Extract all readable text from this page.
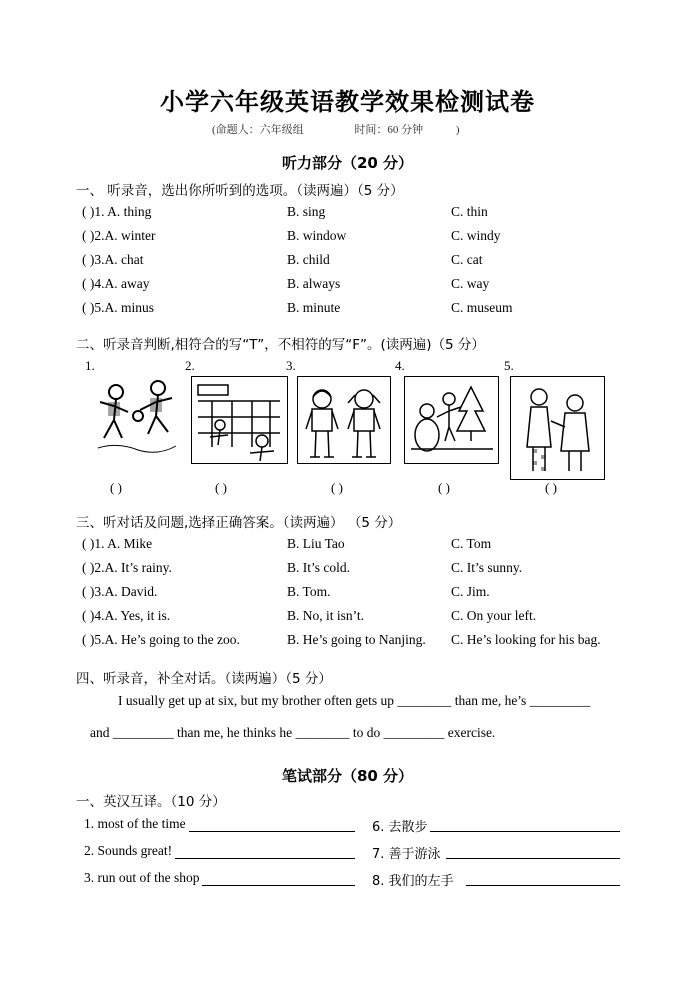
小学六年级英语教学效果检测试卷
(命题人：六年级组	时间：60 分钟	)
听力部分（20 分）
一、 听录音，选出你所听到的选项。（读两遍）（5 分）
( )1. A. thing	B. sing	C. thin
( )2.A. winter	B. window	C. windy
( )3.A. chat	B. child	C. cat
( )4.A. away	B. always	C. way
( )5.A. minus	B. minute	C. museum
二、听录音判断,相符合的写“T”，不相符的写“F”。(读两遍)（5 分）
1.	2.	3.	4.	5.
( )	( )	( )	( )	( )
三、听对话及问题,选择正确答案。（读两遍） （5 分）
( )1. A. Mike	B. Liu Tao	C. Tom
( )2.A. It’s rainy.	B. It’s cold.	C. It’s sunny.
( )3.A. David.	B. Tom.	C. Jim.
( )4.A. Yes, it is.	B. No, it isn’t.	C. On your left.
( )5.A. He’s going to the zoo.	B. He’s going to Nanjing. C. He’s looking for his bag.
四、听录音，补全对话。（读两遍）（5 分）
I usually get up at six, but my brother often gets up ________ than me, he’s _________
and _________ than me, he thinks he ________ to do _________ exercise.
笔试部分（80 分）
一、英汉互译。（10 分）
1. most of the time	6. 去散步
2. Sounds great!	7. 善于游泳
3. run out of the shop	8. 我们的左手
